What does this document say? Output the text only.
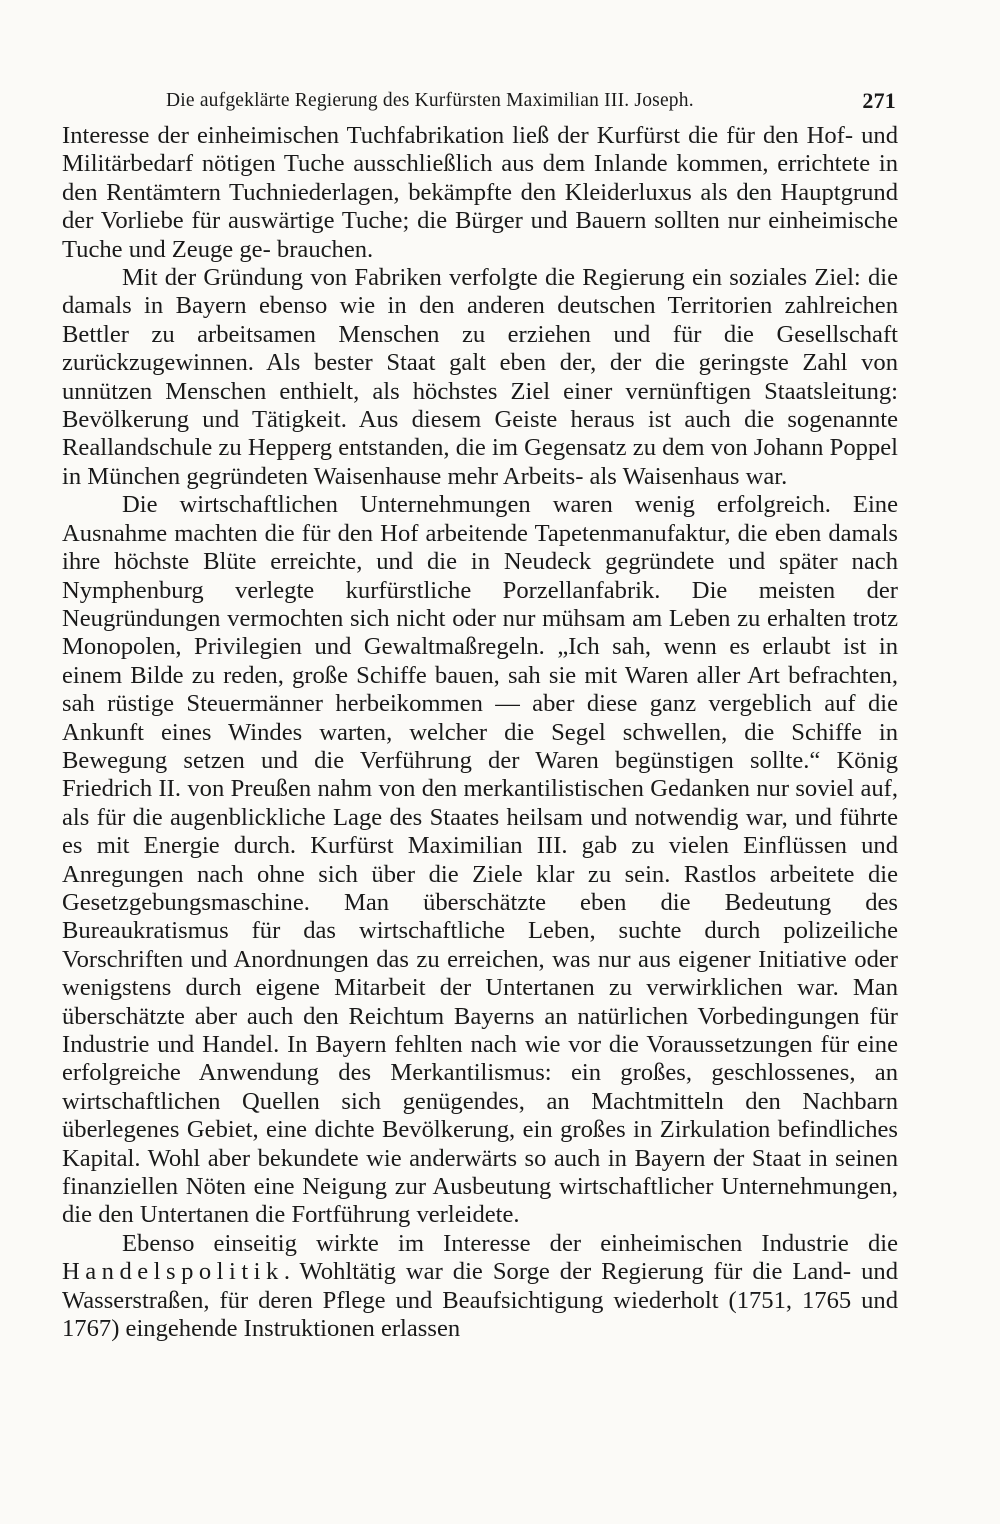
Die aufgeklärte Regierung des Kurfürsten Maximilian III. Joseph.	271

Interesse der einheimischen Tuchfabrikation ließ der Kurfürst die für den Hof- und Militärbedarf nötigen Tuche ausschließlich aus dem Inlande kommen, errichtete in den Rentämtern Tuchniederlagen, bekämpfte den Kleiderluxus als den Hauptgrund der Vorliebe für auswärtige Tuche; die Bürger und Bauern sollten nur einheimische Tuche und Zeuge ge- brauchen.

Mit der Gründung von Fabriken verfolgte die Regierung ein soziales Ziel: die damals in Bayern ebenso wie in den anderen deutschen Territorien zahlreichen Bettler zu arbeitsamen Menschen zu erziehen und für die Gesellschaft zurückzugewinnen. Als bester Staat galt eben der, der die geringste Zahl von unnützen Menschen enthielt, als höchstes Ziel einer vernünftigen Staatsleitung: Bevölkerung und Tätigkeit. Aus diesem Geiste heraus ist auch die sogenannte Reallandschule zu Hepperg entstanden, die im Gegensatz zu dem von Johann Poppel in München gegründeten Waisenhause mehr Arbeits- als Waisenhaus war.

Die wirtschaftlichen Unternehmungen waren wenig erfolgreich. Eine Ausnahme machten die für den Hof arbeitende Tapetenmanufaktur, die eben damals ihre höchste Blüte erreichte, und die in Neudeck gegründete und später nach Nymphenburg verlegte kurfürstliche Porzellanfabrik. Die meisten der Neugründungen vermochten sich nicht oder nur mühsam am Leben zu erhalten trotz Monopolen, Privilegien und Gewaltmaßregeln. „Ich sah, wenn es erlaubt ist in einem Bilde zu reden, große Schiffe bauen, sah sie mit Waren aller Art befrachten, sah rüstige Steuermänner herbeikommen — aber diese ganz vergeblich auf die Ankunft eines Windes warten, welcher die Segel schwellen, die Schiffe in Bewegung setzen und die Verführung der Waren begünstigen sollte.“ König Friedrich II. von Preußen nahm von den merkantilistischen Gedanken nur soviel auf, als für die augenblickliche Lage des Staates heilsam und notwendig war, und führte es mit Energie durch. Kurfürst Maximilian III. gab zu vielen Einflüssen und Anregungen nach ohne sich über die Ziele klar zu sein. Rastlos arbeitete die Gesetzgebungsmaschine. Man überschätzte eben die Bedeutung des Bureaukratismus für das wirtschaftliche Leben, suchte durch polizeiliche Vorschriften und Anordnungen das zu erreichen, was nur aus eigener Initiative oder wenigstens durch eigene Mitarbeit der Untertanen zu verwirklichen war. Man überschätzte aber auch den Reichtum Bayerns an natürlichen Vorbedingungen für Industrie und Handel. In Bayern fehlten nach wie vor die Voraussetzungen für eine erfolgreiche Anwendung des Merkantilismus: ein großes, geschlossenes, an wirtschaftlichen Quellen sich genügendes, an Machtmitteln den Nachbarn überlegenes Gebiet, eine dichte Bevölkerung, ein großes in Zirkulation befindliches Kapital. Wohl aber bekundete wie anderwärts so auch in Bayern der Staat in seinen finanziellen Nöten eine Neigung zur Ausbeutung wirtschaftlicher Unternehmungen, die den Untertanen die Fortführung verleidete.

Ebenso einseitig wirkte im Interesse der einheimischen Industrie die Handelspolitik. Wohltätig war die Sorge der Regierung für die Land- und Wasserstraßen, für deren Pflege und Beaufsichtigung wiederholt (1751, 1765 und 1767) eingehende Instruktionen erlassen
